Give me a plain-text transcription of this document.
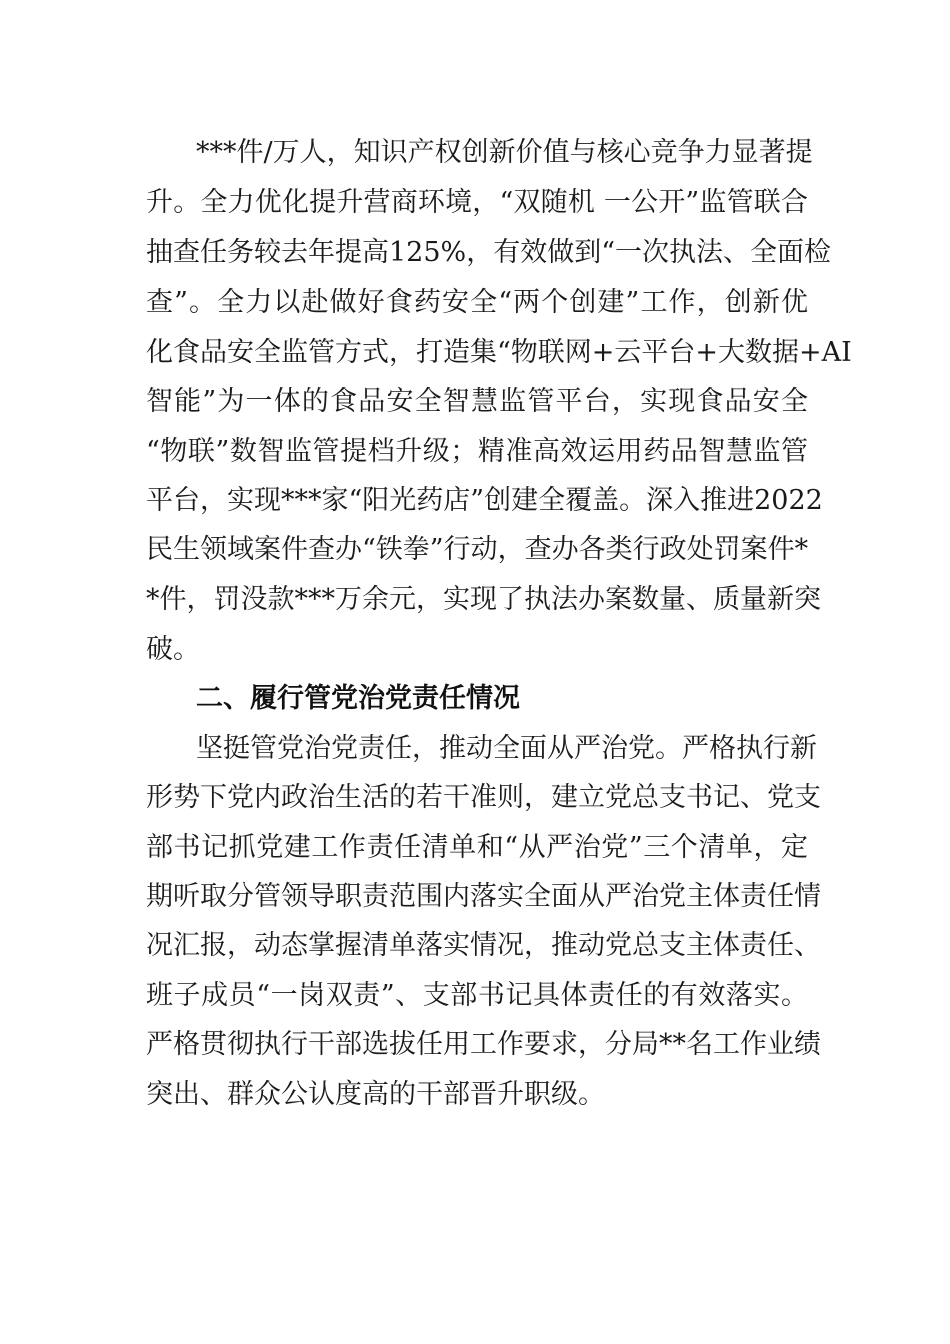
***件/万人，知识产权创新价值与核心竞争力显著提
升。全力优化提升营商环境，“双随机 一公开”监管联合
抽查任务较去年提高125%，有效做到“一次执法、全面检
查”。全力以赴做好食药安全“两个创建”工作，创新优
化食品安全监管方式，打造集“物联网+云平台+大数据+AI
智能”为一体的食品安全智慧监管平台，实现食品安全
“物联”数智监管提档升级；精准高效运用药品智慧监管
平台，实现***家“阳光药店”创建全覆盖。深入推进2022
民生领域案件查办“铁拳”行动，查办各类行政处罚案件*
*件，罚没款***万余元，实现了执法办案数量、质量新突
破。
二、履行管党治党责任情况
坚挺管党治党责任，推动全面从严治党。严格执行新
形势下党内政治生活的若干准则，建立党总支书记、党支
部书记抓党建工作责任清单和“从严治党”三个清单，定
期听取分管领导职责范围内落实全面从严治党主体责任情
况汇报，动态掌握清单落实情况，推动党总支主体责任、
班子成员“一岗双责”、支部书记具体责任的有效落实。
严格贯彻执行干部选拔任用工作要求，分局**名工作业绩
突出、群众公认度高的干部晋升职级。
